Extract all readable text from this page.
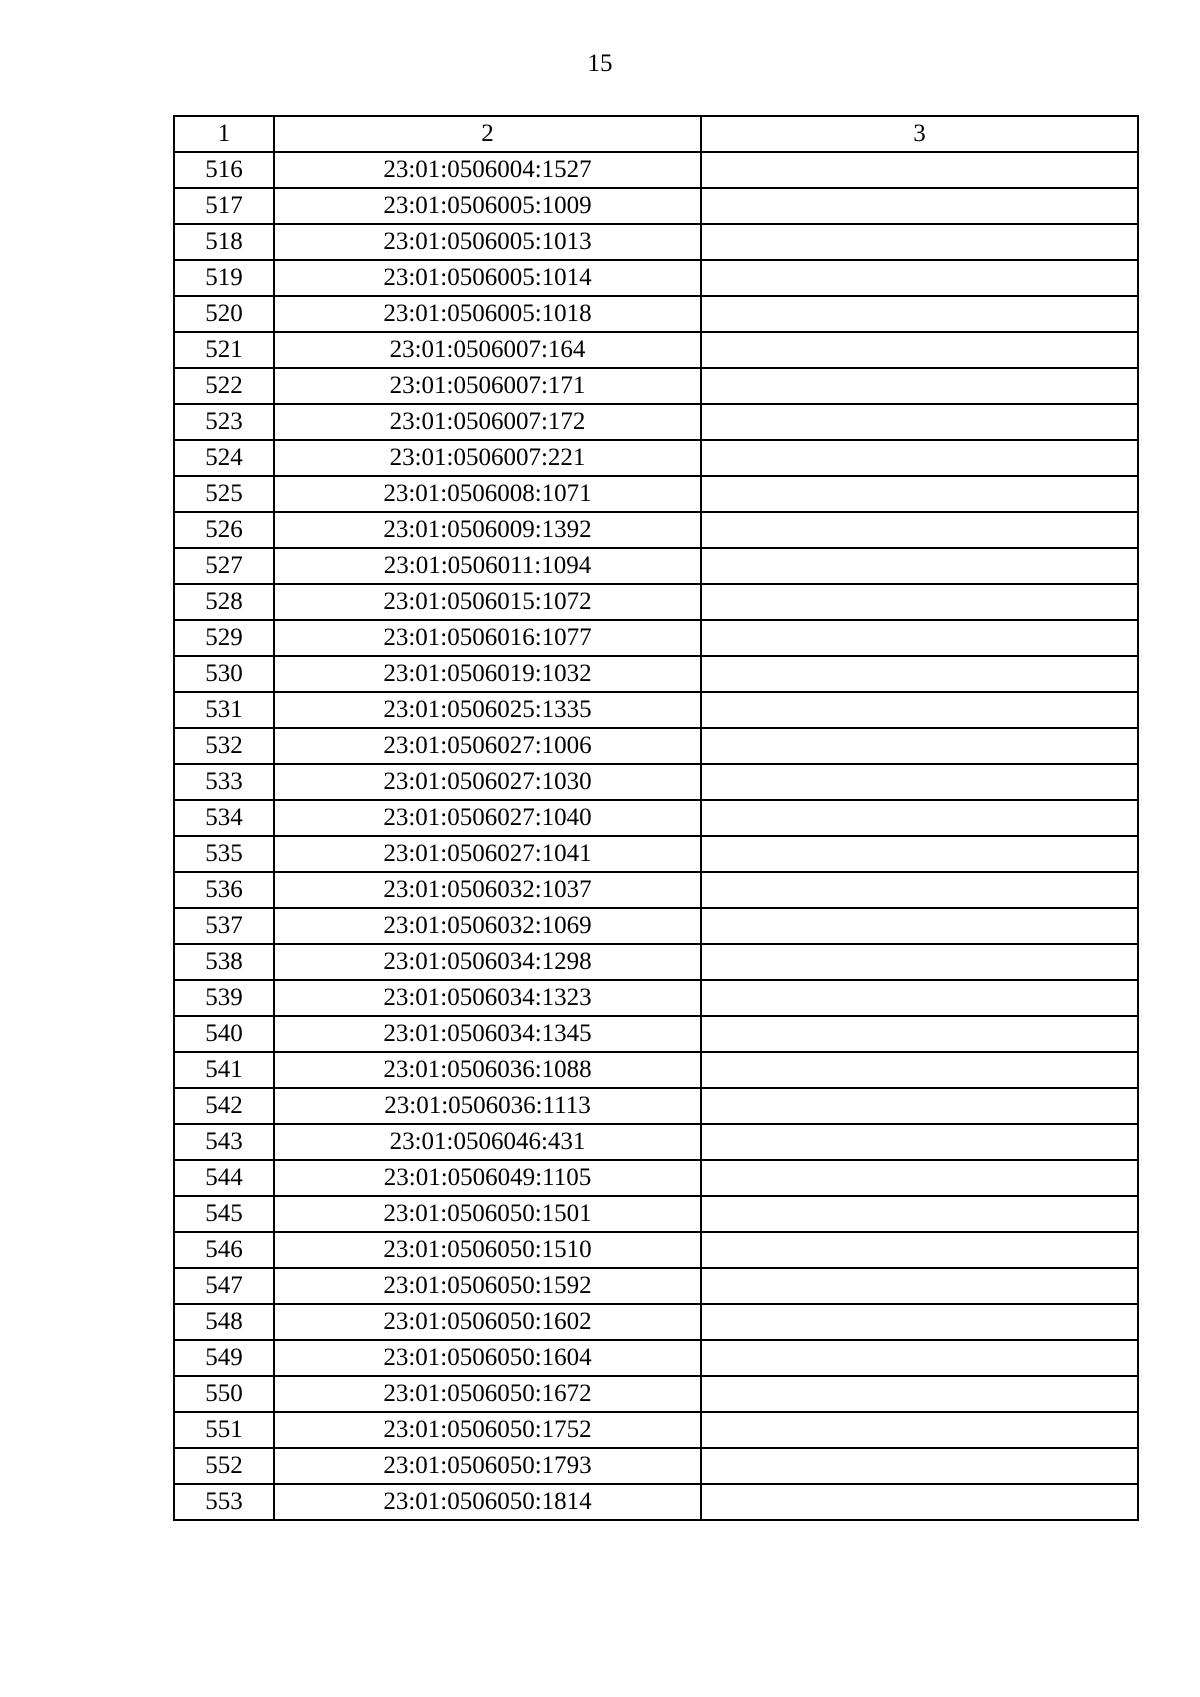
15
1	2	3
516	23:01:0506004:1527	
517	23:01:0506005:1009	
518	23:01:0506005:1013	
519	23:01:0506005:1014	
520	23:01:0506005:1018	
521	23:01:0506007:164	
522	23:01:0506007:171	
523	23:01:0506007:172	
524	23:01:0506007:221	
525	23:01:0506008:1071	
526	23:01:0506009:1392	
527	23:01:0506011:1094	
528	23:01:0506015:1072	
529	23:01:0506016:1077	
530	23:01:0506019:1032	
531	23:01:0506025:1335	
532	23:01:0506027:1006	
533	23:01:0506027:1030	
534	23:01:0506027:1040	
535	23:01:0506027:1041	
536	23:01:0506032:1037	
537	23:01:0506032:1069	
538	23:01:0506034:1298	
539	23:01:0506034:1323	
540	23:01:0506034:1345	
541	23:01:0506036:1088	
542	23:01:0506036:1113	
543	23:01:0506046:431	
544	23:01:0506049:1105	
545	23:01:0506050:1501	
546	23:01:0506050:1510	
547	23:01:0506050:1592	
548	23:01:0506050:1602	
549	23:01:0506050:1604	
550	23:01:0506050:1672	
551	23:01:0506050:1752	
552	23:01:0506050:1793	
553	23:01:0506050:1814	
